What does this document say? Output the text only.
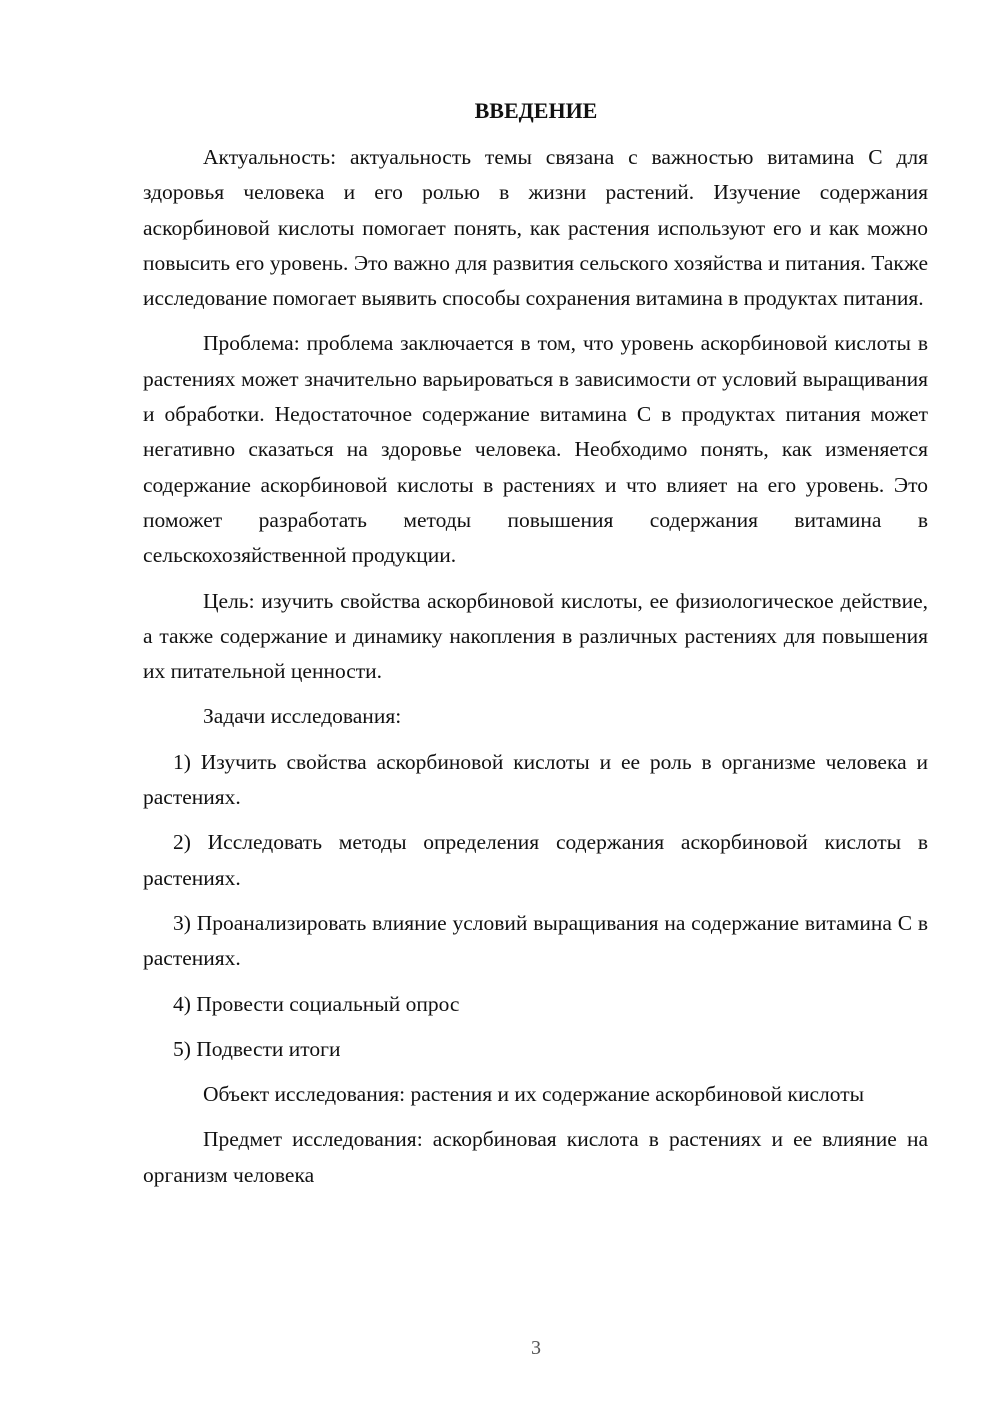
ВВЕДЕНИЕ

Актуальность: актуальность темы связана с важностью витамина С для здоровья человека и его ролью в жизни растений. Изучение содержания аскорбиновой кислоты помогает понять, как растения используют его и как можно повысить его уровень. Это важно для развития сельского хозяйства и питания. Также исследование помогает выявить способы сохранения витамина в продуктах питания.

Проблема: проблема заключается в том, что уровень аскорбиновой кислоты в растениях может значительно варьироваться в зависимости от условий выращивания и обработки. Недостаточное содержание витамина С в продуктах питания может негативно сказаться на здоровье человека. Необходимо понять, как изменяется содержание аскорбиновой кислоты в растениях и что влияет на его уровень. Это поможет разработать методы повышения содержания витамина в сельскохозяйственной продукции.

Цель: изучить свойства аскорбиновой кислоты, ее физиологическое действие, а также содержание и динамику накопления в различных растениях для повышения их питательной ценности.

Задачи исследования:

1) Изучить свойства аскорбиновой кислоты и ее роль в организме человека и растениях.

2) Исследовать методы определения содержания аскорбиновой кислоты в растениях.

3) Проанализировать влияние условий выращивания на содержание витамина С в растениях.

4) Провести социальный опрос

5) Подвести итоги

Объект исследования: растения и их содержание аскорбиновой кислоты

Предмет исследования: аскорбиновая кислота в растениях и ее влияние на организм человека

3
